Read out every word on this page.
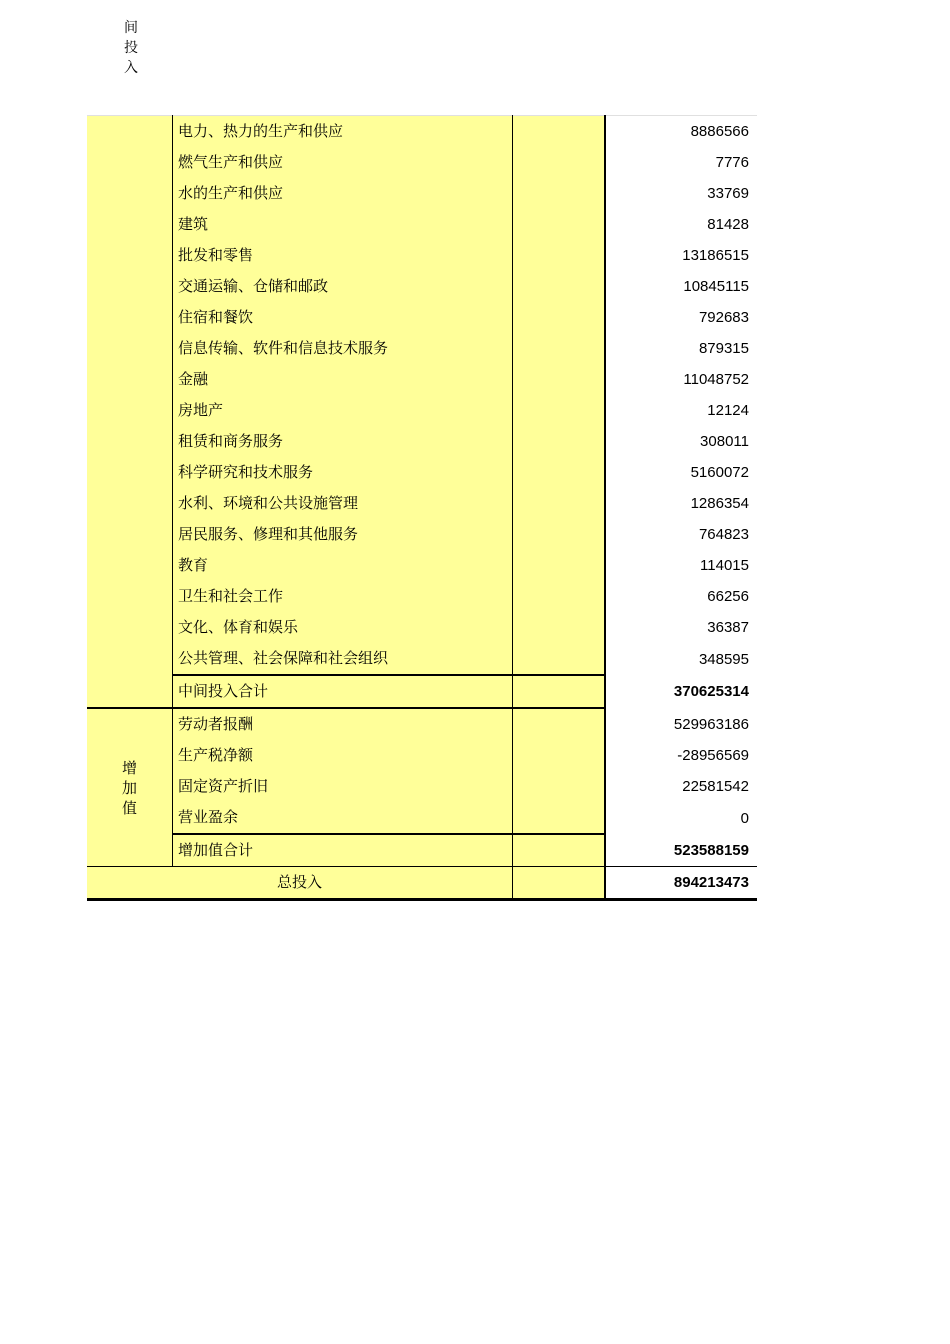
间
投
入
	电力、热力的生产和供应		8886566
	燃气生产和供应		7776
	水的生产和供应		33769
	建筑		81428
	批发和零售		13186515
	交通运输、仓储和邮政		10845115
	住宿和餐饮		792683
	信息传输、软件和信息技术服务		879315
	金融		11048752
	房地产		12124
	租赁和商务服务		308011
	科学研究和技术服务		5160072
	水利、环境和公共设施管理		1286354
	居民服务、修理和其他服务		764823
	教育		114015
	卫生和社会工作		66256
	文化、体育和娱乐		36387
	公共管理、社会保障和社会组织		348595
	中间投入合计		370625314

增
加
值	劳动者报酬		529963186
	生产税净额		-28956569
	固定资产折旧		22581542
	营业盈余		0
	增加值合计		523588159
总投入			894213473
